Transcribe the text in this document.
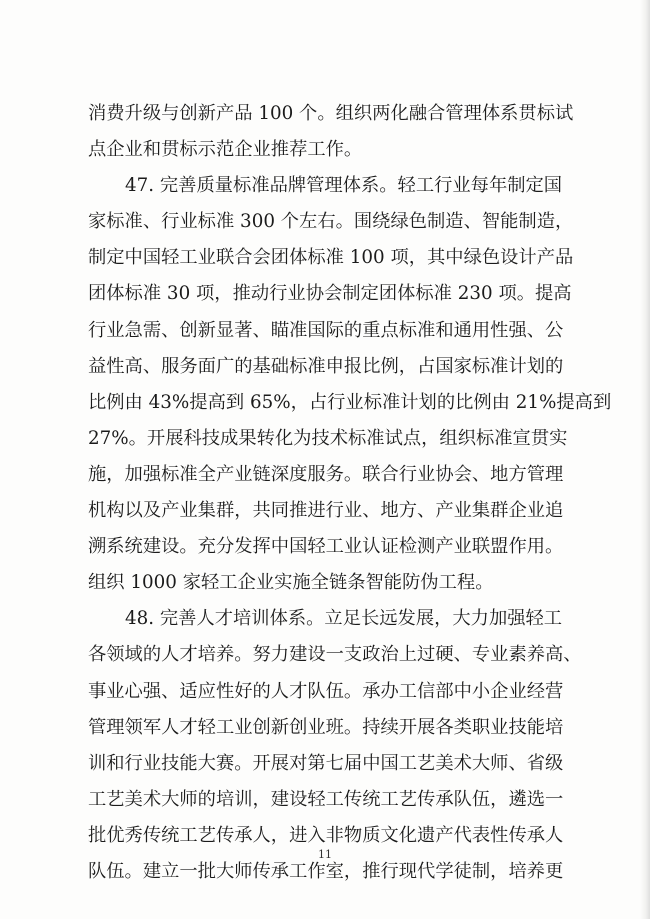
消费升级与创新产品 100 个。组织两化融合管理体系贯标试
点企业和贯标示范企业推荐工作。
47. 完善质量标准品牌管理体系。轻工行业每年制定国
家标准、行业标准 300 个左右。围绕绿色制造、智能制造，
制定中国轻工业联合会团体标准 100 项，其中绿色设计产品
团体标准 30 项，推动行业协会制定团体标准 230 项。提高
行业急需、创新显著、瞄准国际的重点标准和通用性强、公
益性高、服务面广的基础标准申报比例，占国家标准计划的
比例由 43%提高到 65%，占行业标准计划的比例由 21%提高到
27%。开展科技成果转化为技术标准试点，组织标准宣贯实
施，加强标准全产业链深度服务。联合行业协会、地方管理
机构以及产业集群，共同推进行业、地方、产业集群企业追
溯系统建设。充分发挥中国轻工业认证检测产业联盟作用。
组织 1000 家轻工企业实施全链条智能防伪工程。
48. 完善人才培训体系。立足长远发展，大力加强轻工
各领域的人才培养。努力建设一支政治上过硬、专业素养高、
事业心强、适应性好的人才队伍。承办工信部中小企业经营
管理领军人才轻工业创新创业班。持续开展各类职业技能培
训和行业技能大赛。开展对第七届中国工艺美术大师、省级
工艺美术大师的培训，建设轻工传统工艺传承队伍，遴选一
批优秀传统工艺传承人，进入非物质文化遗产代表性传承人
队伍。建立一批大师传承工作室，推行现代学徒制，培养更
11
